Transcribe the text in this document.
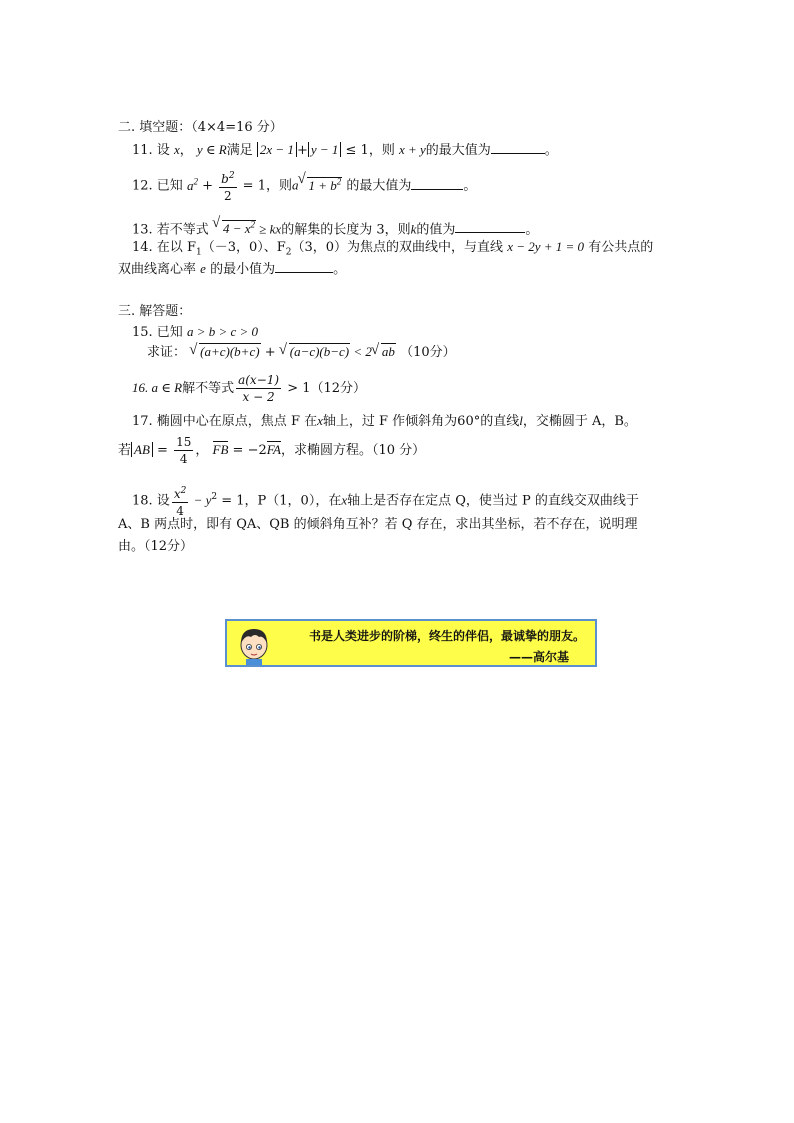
二. 填空题：（4×4=16 分）
11. 设 x， y ∈ R满足 2x − 1 + y − 1 ≤ 1，则 x + y的最大值为	。
12. 已知 $a^2 + \frac{b^2}{2} = 1$，则a √ $1 + b^2$ 的最大值为	。
13. 若不等式 √ $4 - x^2$ ≥ kx的解集的长度为 3，则k的值为	。
14. 在以 $F_1(-3$，0）、$F_2(3$，0）为焦点的双曲线中，与直线 x − 2y + 1 = 0 有公共点的
双曲线离心率 e 的最小值为	。
三. 解答题：
15. 已知 a > b > c > 0
求证： √ (a+c)(b+c) + √ (a−c)(b−c) < 2 √ ab （10分）
16. a ∈ R解不等式 $\frac{a(x-1)}{x - 2} > 1(12$分）
17. 椭圆中心在原点，焦点 F 在x轴上，过 F 作倾斜角为60°的直线l，交椭圆于 A，B。
若 AB = $\frac{15}{4}$ ， FB = −2FA，求椭圆方程。（10 分）
18. 设 $\frac{x^2}{4} - y^2 = 1$，P（1，0），在x轴上是否存在定点 Q，使当过 P 的直线交双曲线于
A、B 两点时，即有 QA、QB 的倾斜角互补？若 Q 存在，求出其坐标，若不存在，说明理
由。（12分）
书是人类进步的阶梯，终生的伴侣，最诚挚的朋友。
——高尔基
